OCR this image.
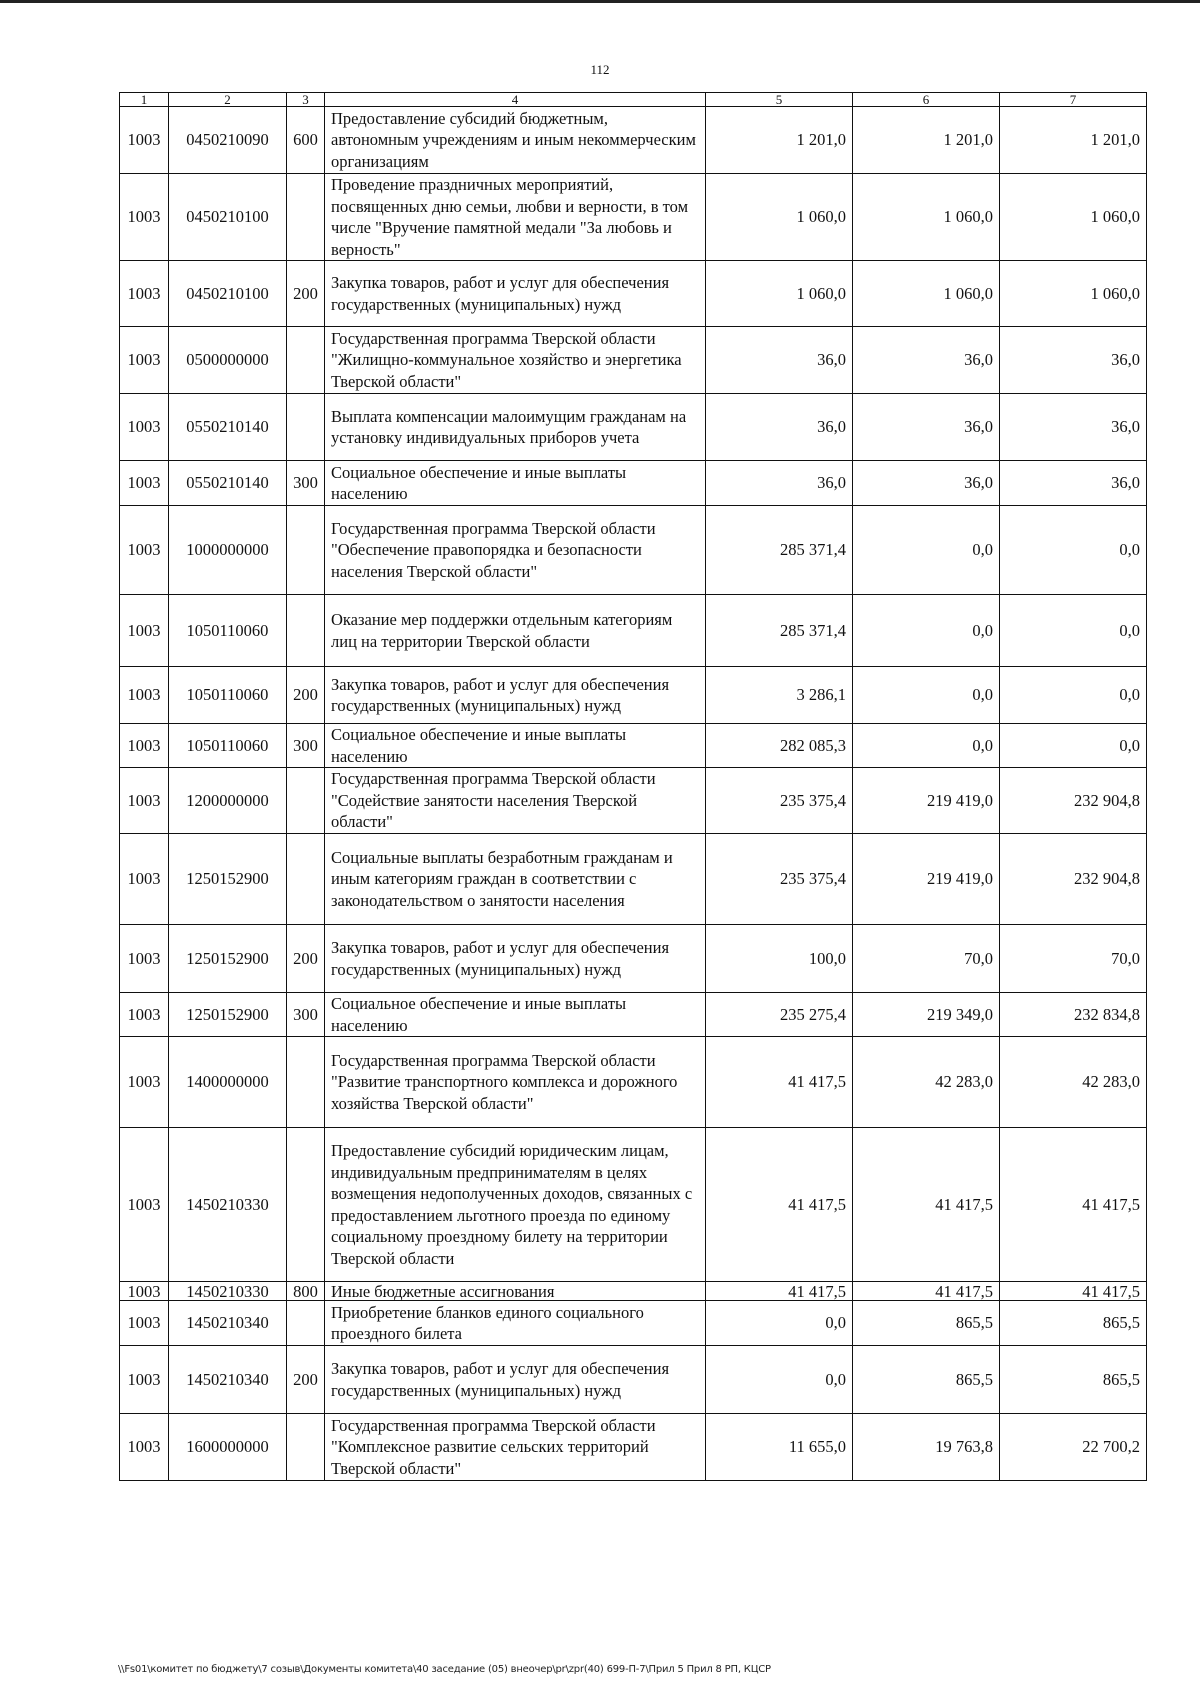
112
1	2	3	4	5	6	7
1003	0450210090	600	Предоставление субсидий бюджетным, автономным учреждениям и иным некоммерческим организациям	1 201,0	1 201,0	1 201,0
1003	0450210100		Проведение праздничных мероприятий, посвященных дню семьи, любви и верности, в том числе "Вручение памятной медали "За любовь и верность"	1 060,0	1 060,0	1 060,0
1003	0450210100	200	Закупка товаров, работ и услуг для обеспечения государственных (муниципальных) нужд	1 060,0	1 060,0	1 060,0
1003	0500000000		Государственная программа Тверской области "Жилищно-коммунальное хозяйство и энергетика Тверской области"	36,0	36,0	36,0
1003	0550210140		Выплата компенсации малоимущим гражданам на установку индивидуальных приборов учета	36,0	36,0	36,0
1003	0550210140	300	Социальное обеспечение и иные выплаты населению	36,0	36,0	36,0
1003	1000000000		Государственная программа Тверской области "Обеспечение правопорядка и безопасности населения Тверской области"	285 371,4	0,0	0,0
1003	1050110060		Оказание мер поддержки отдельным категориям лиц на территории Тверской области	285 371,4	0,0	0,0
1003	1050110060	200	Закупка товаров, работ и услуг для обеспечения государственных (муниципальных) нужд	3 286,1	0,0	0,0
1003	1050110060	300	Социальное обеспечение и иные выплаты населению	282 085,3	0,0	0,0
1003	1200000000		Государственная программа Тверской области "Содействие занятости населения Тверской области"	235 375,4	219 419,0	232 904,8
1003	1250152900		Социальные выплаты безработным гражданам и иным категориям граждан в соответствии с законодательством о занятости населения	235 375,4	219 419,0	232 904,8
1003	1250152900	200	Закупка товаров, работ и услуг для обеспечения государственных (муниципальных) нужд	100,0	70,0	70,0
1003	1250152900	300	Социальное обеспечение и иные выплаты населению	235 275,4	219 349,0	232 834,8
1003	1400000000		Государственная программа Тверской области "Развитие транспортного комплекса и дорожного хозяйства Тверской области"	41 417,5	42 283,0	42 283,0
1003	1450210330		Предоставление субсидий юридическим лицам, индивидуальным предпринимателям в целях возмещения недополученных доходов, связанных с предоставлением льготного проезда по единому социальному проездному билету на территории Тверской области	41 417,5	41 417,5	41 417,5
1003	1450210330	800	Иные бюджетные ассигнования	41 417,5	41 417,5	41 417,5
1003	1450210340		Приобретение бланков единого социального проездного билета	0,0	865,5	865,5
1003	1450210340	200	Закупка товаров, работ и услуг для обеспечения государственных (муниципальных) нужд	0,0	865,5	865,5
1003	1600000000		Государственная программа Тверской области "Комплексное развитие сельских территорий Тверской области"	11 655,0	19 763,8	22 700,2
\\Fs01\комитет по бюджету\7 созыв\Документы комитета\40 заседание (05) внеочер\pr\zpr(40) 699-П-7\Прил 5 Прил 8 РП, КЦСР
